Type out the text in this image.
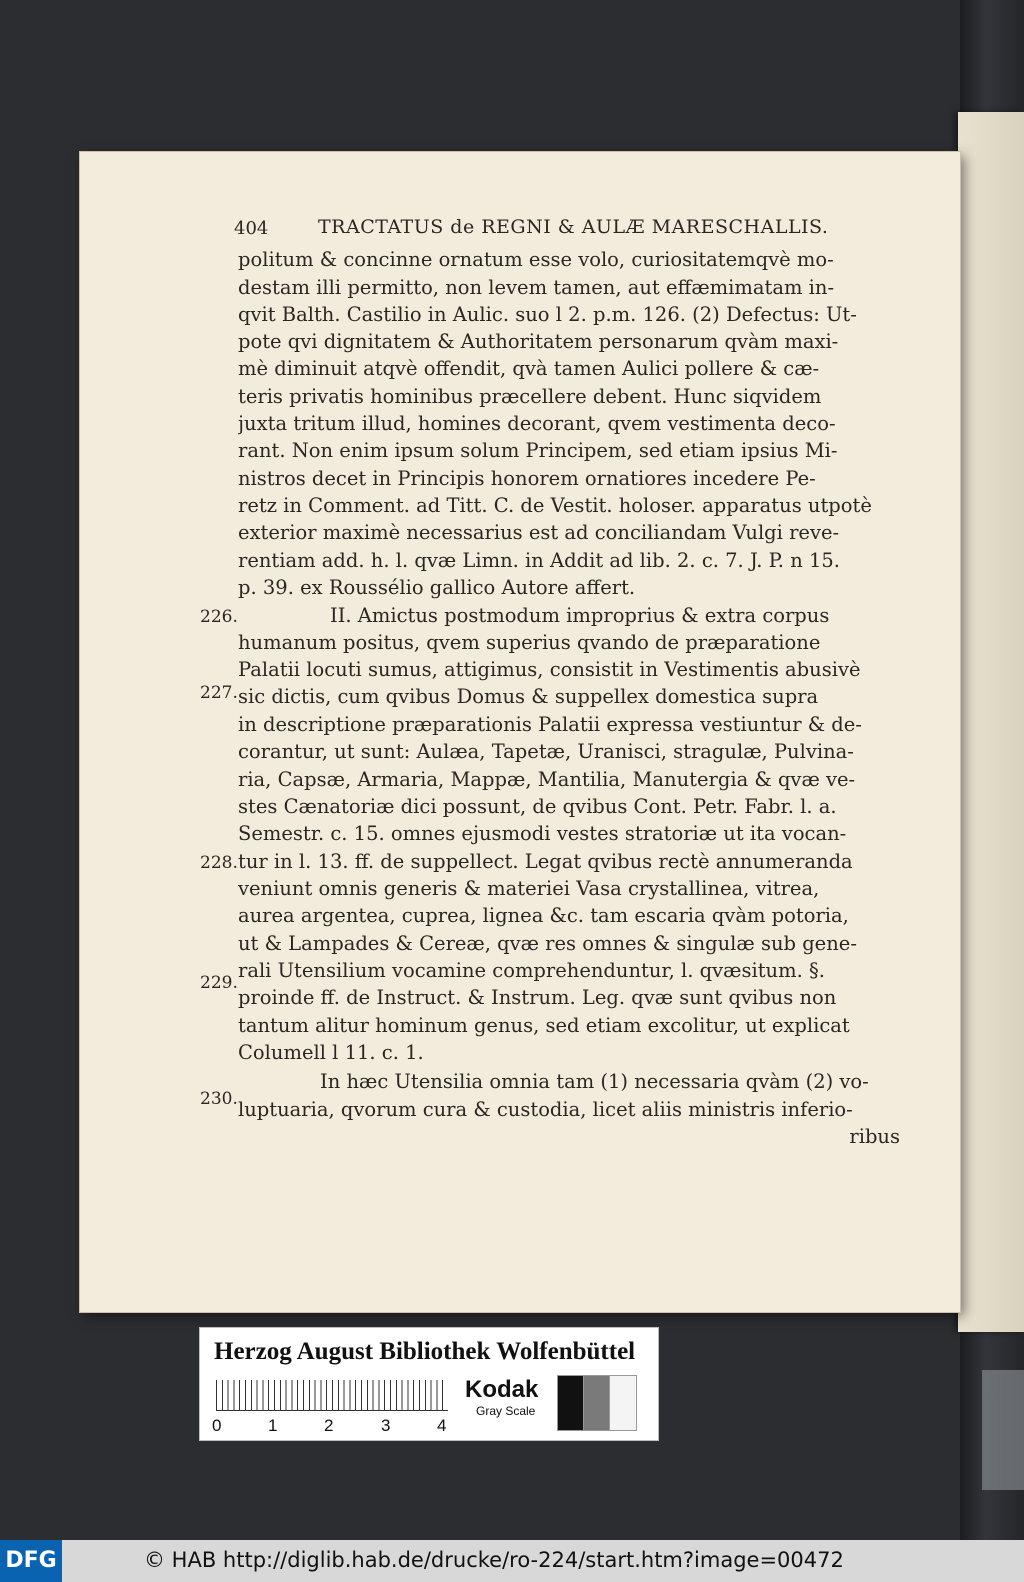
404	TRACTATUS de REGNI & AULÆ MARESCHALLIS.
politum & concinne ornatum esse volo, curiositatemqvè mo-
destam illi permitto, non levem tamen, aut effæmimatam in-
qvit Balth. Castilio in Aulic. suo l 2. p.m. 126. (2) Defectus: Ut-
pote qvi dignitatem & Authoritatem personarum qvàm maxi-
mè diminuit atqvè offendit, qvà tamen Aulici pollere & cæ-
teris privatis hominibus præcellere debent. Hunc siqvidem
juxta tritum illud, homines decorant, qvem vestimenta deco-
rant. Non enim ipsum solum Principem, sed etiam ipsius Mi-
nistros decet in Principis honorem ornatiores incedere Pe-
retz in Comment. ad Titt. C. de Vestit. holoser. apparatus utpotè
exterior maximè necessarius est ad conciliandam Vulgi reve-
rentiam add. h. l. qvæ Limn. in Addit ad lib. 2. c. 7. J. P. n 15.
p. 39. ex Roussélio gallico Autore affert.
226.	II. Amictus postmodum improprius & extra corpus
humanum positus, qvem superius qvando de præparatione
Palatii locuti sumus, attigimus, consistit in Vestimentis abusivè
227. sic dictis, cum qvibus Domus & suppellex domestica supra
in descriptione præparationis Palatii expressa vestiuntur & de-
corantur, ut sunt: Aulæa, Tapetæ, Uranisci, stragulæ, Pulvina-
ria, Capsæ, Armaria, Mappæ, Mantilia, Manutergia & qvæ ve-
stes Cænatoriæ dici possunt, de qvibus Cont. Petr. Fabr. l. a.
Semestr. c. 15. omnes ejusmodi vestes stratoriæ ut ita vocan-
228. tur in l. 13. ff. de suppellect. Legat qvibus rectè annumeranda
veniunt omnis generis & materiei Vasa crystallinea, vitrea,
aurea argentea, cuprea, lignea &c. tam escaria qvàm potoria,
ut & Lampades & Cereæ, qvæ res omnes & singulæ sub gene-
229.
rali Utensilium vocamine comprehenduntur, l. qvæsitum. §.
proinde ff. de Instruct. & Instrum. Leg. qvæ sunt qvibus non
tantum alitur hominum genus, sed etiam excolitur, ut explicat
Columell l 11. c. 1.
230.
In hæc Utensilia omnia tam (1) necessaria qvàm (2) vo-
luptuaria, qvorum cura & custodia, licet aliis ministris inferio-
ribus
Herzog August Bibliothek Wolfenbüttel
0	1	2	3	4
Kodak
Gray Scale
DFG	© HAB http://diglib.hab.de/drucke/ro-224/start.htm?image=00472
